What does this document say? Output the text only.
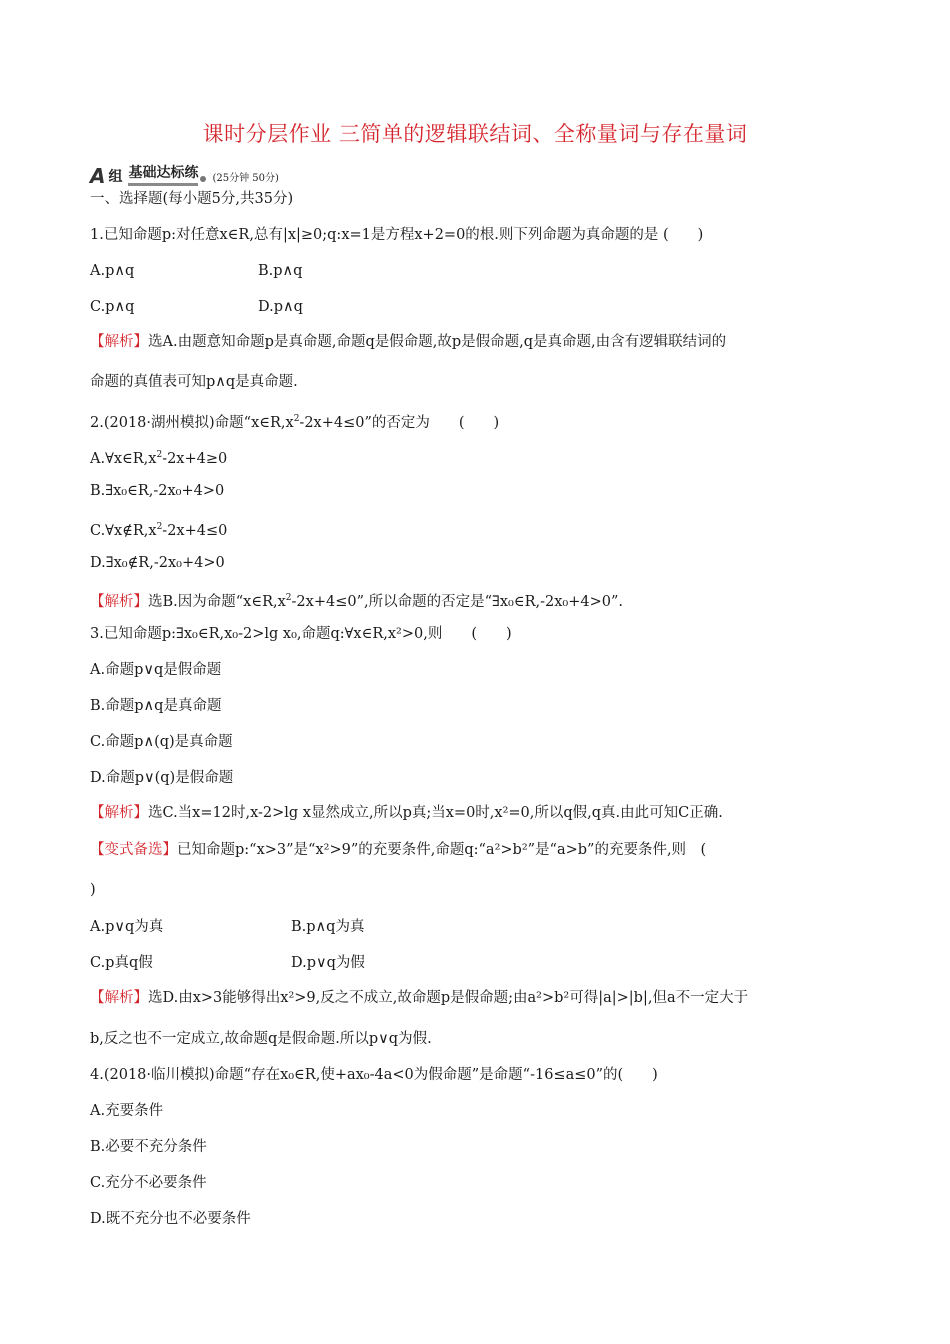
课时分层作业 三简单的逻辑联结词、全称量词与存在量词
A 组 基础达标练 (25分钟 50分)
一、选择题(每小题5分,共35分)
1.已知命题p:对任意x∈R,总有|x|≥0;q:x=1是方程x+2=0的根.则下列命题为真命题的是 (　　)
A.p∧q	B.p∧q
C.p∧q	D.p∧q
【解析】选A.由题意知命题p是真命题,命题q是假命题,故p是假命题,q是真命题,由含有逻辑联结词的
命题的真值表可知p∧q是真命题.
2.(2018·湖州模拟)命题“$x\in R,x^2-2x+4\le 0$”的否定为　　(　　)
$A.\forall x\in R,x^2-2x+4\ge 0$
B.∃x₀∈R,-2x₀+4>0
$C.\forall x\notin R,x^2-2x+4\le 0$
D.∃x₀∉R,-2x₀+4>0
【解析】选B.因为命题“$x\in R,x^2-2x+4\le 0$”,所以命题的否定是“∃x₀∈R,-2x₀+4>0”.
3.已知命题p:∃x₀∈R,x₀-2>lg x₀,命题q:∀x∈R,x²>0,则　　(　　)
A.命题p∨q是假命题
B.命题p∧q是真命题
C.命题p∧(q)是真命题
D.命题p∨(q)是假命题
【解析】选C.当x=12时,x-2>lg x显然成立,所以p真;当x=0时,x²=0,所以q假,q真.由此可知C正确.
【变式备选】已知命题p:“x>3”是“x²>9”的充要条件,命题q:“a²>b²”是“a>b”的充要条件,则　(
)
A.p∨q为真	B.p∧q为真
C.p真q假	D.p∨q为假
【解析】选D.由x>3能够得出x²>9,反之不成立,故命题p是假命题;由a²>b²可得|a|>|b|,但a不一定大于
b,反之也不一定成立,故命题q是假命题.所以p∨q为假.
4.(2018·临川模拟)命题“存在x₀∈R,使+ax₀-4a<0为假命题”是命题“-16≤a≤0”的(　　)
A.充要条件
B.必要不充分条件
C.充分不必要条件
D.既不充分也不必要条件
